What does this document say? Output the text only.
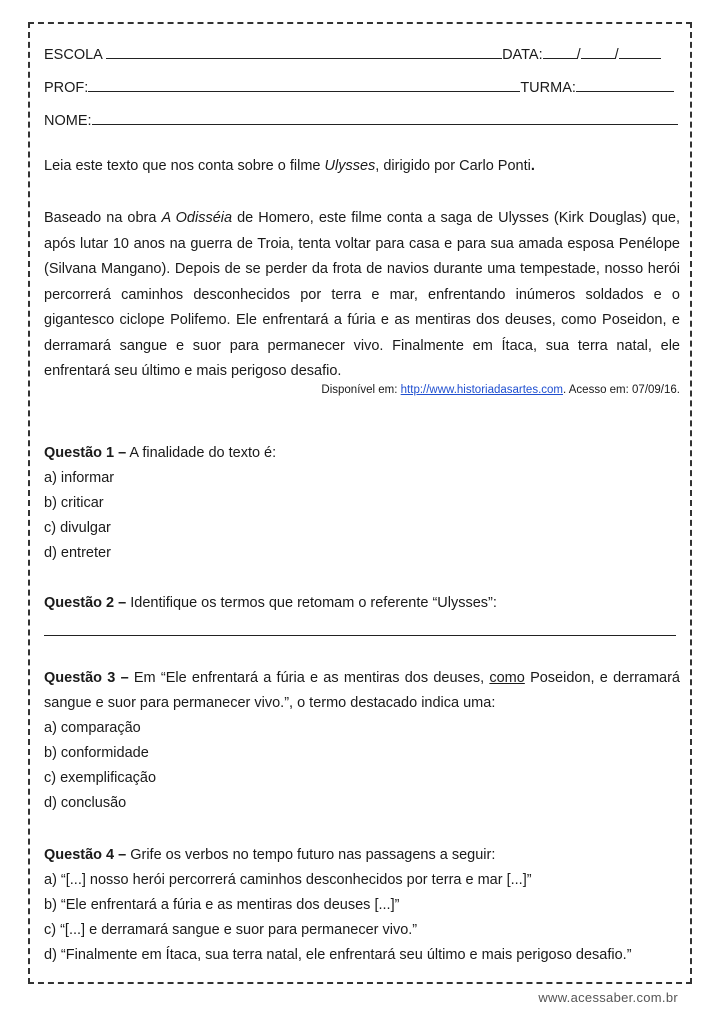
ESCOLA	DATA: / /
PROF:	TURMA:
NOME:
Leia este texto que nos conta sobre o filme Ulysses, dirigido por Carlo Ponti.
Baseado na obra A Odisséia de Homero, este filme conta a saga de Ulysses (Kirk Douglas) que, após lutar 10 anos na guerra de Troia, tenta voltar para casa e para sua amada esposa Penélope (Silvana Mangano). Depois de se perder da frota de navios durante uma tempestade, nosso herói percorrerá caminhos desconhecidos por terra e mar, enfrentando inúmeros soldados e o gigantesco ciclope Polifemo. Ele enfrentará a fúria e as mentiras dos deuses, como Poseidon, e derramará sangue e suor para permanecer vivo. Finalmente em Ítaca, sua terra natal, ele enfrentará seu último e mais perigoso desafio.
Disponível em: http://www.historiadasartes.com. Acesso em: 07/09/16.
Questão 1 – A finalidade do texto é:
a) informar
b) criticar
c) divulgar
d) entreter
Questão 2 – Identifique os termos que retomam o referente “Ulysses”:
Questão 3 – Em “Ele enfrentará a fúria e as mentiras dos deuses, como Poseidon, e derramará sangue e suor para permanecer vivo.”, o termo destacado indica uma:
a) comparação
b) conformidade
c) exemplificação
d) conclusão
Questão 4 – Grife os verbos no tempo futuro nas passagens a seguir:
a) “[...] nosso herói percorrerá caminhos desconhecidos por terra e mar [...]”
b) “Ele enfrentará a fúria e as mentiras dos deuses [...]”
c) “[...] e derramará sangue e suor para permanecer vivo.”
d) “Finalmente em Ítaca, sua terra natal, ele enfrentará seu último e mais perigoso desafio.”
www.acessaber.com.br
